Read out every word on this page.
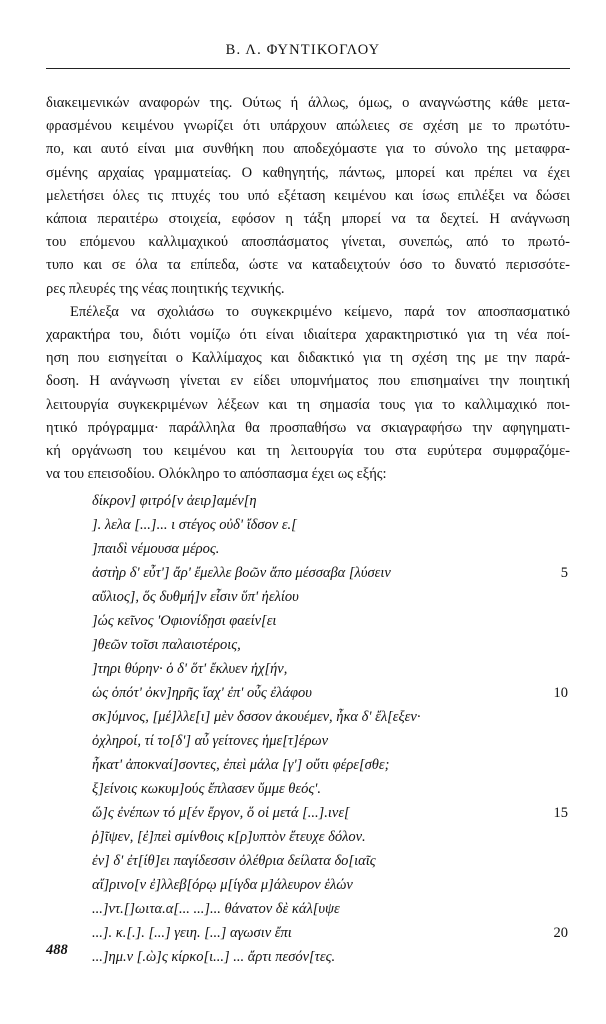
Β. Λ. ΦΥΝΤΙΚΟΓΛΟΥ
διακειμενικών αναφορών της. Ούτως ή άλλως, όμως, ο αναγνώστης κάθε μετα-
φρασμένου κειμένου γνωρίζει ότι υπάρχουν απώλειες σε σχέση με το πρωτότυ-
πο, και αυτό είναι μια συνθήκη που αποδεχόμαστε για το σύνολο της μεταφρα-
σμένης αρχαίας γραμματείας. Ο καθηγητής, πάντως, μπορεί και πρέπει να έχει
μελετήσει όλες τις πτυχές του υπό εξέταση κειμένου και ίσως επιλέξει να δώσει
κάποια περαιτέρω στοιχεία, εφόσον η τάξη μπορεί να τα δεχτεί. Η ανάγνωση
του επόμενου καλλιμαχικού αποσπάσματος γίνεται, συνεπώς, από το πρωτό-
τυπο και σε όλα τα επίπεδα, ώστε να καταδειχτούν όσο το δυνατό περισσότε-
ρες πλευρές της νέας ποιητικής τεχνικής.
Επέλεξα να σχολιάσω το συγκεκριμένο κείμενο, παρά τον αποσπασματικό
χαρακτήρα του, διότι νομίζω ότι είναι ιδιαίτερα χαρακτηριστικό για τη νέα ποί-
ηση που εισηγείται ο Καλλίμαχος και διδακτικό για τη σχέση της με την παρά-
δοση. Η ανάγνωση γίνεται εν είδει υπομνήματος που επισημαίνει την ποιητική
λειτουργία συγκεκριμένων λέξεων και τη σημασία τους για το καλλιμαχικό ποι-
ητικό πρόγραμμα· παράλληλα θα προσπαθήσω να σκιαγραφήσω την αφηγηματι-
κή οργάνωση του κειμένου και τη λειτουργία του στα ευρύτερα συμφραζόμε-
να του επεισοδίου. Ολόκληρο το απόσπασμα έχει ως εξής:
δίκρον] φιτρό[ν ἀειρ]αμέν[η
]. λελα [...]... ι στέγος οὐδ' ἴδσον ε.[
]παιδὶ νέμουσα μέρος.
ἀστὴρ δ' εὖτ'] ἄρ' ἔμελλε βοῶν ἄπο μέσσαβα [λύσειν	5
αὔλιος], ὅς δυθμή]ν εἶσιν ὕπ' ἠελίου
]ώς κεῖνος 'Οφιονίδῃσι φαείν[ει
]θεῶν τοῖσι παλαιοτέροις,
]τηρι θύρην· ὁ δ' ὅτ' ἔκλυεν ἠχ[ήν,
ὡς ὁπότ' ὀκν]ηρῆς ἴαχ' ἐπ' οὖς ἐλάφου	10
σκ]ύμνος, [μέ]λλε[ι] μὲν δσσον ἀκουέμεν, ἧκα δ' ἔλ[εξεν·
ὀχληροί, τί το[δ'] αὖ γείτονες ἡμε[τ]έρων
ἧκατ' ἀποκναί]σοντες, ἐπεὶ μάλα [γ'] οὔτι φέρε[σθε;
ξ]είνοις κωκυμ]ούς ἔπλασεν ὔμμε θεός'.
ὥ]ς ἐνέπων τό μ[έν ἔργον, ὅ οἱ μετά [...].ινε[	15
ῥ]ῖψεν, [ἐ]πεὶ σμίνθοις κ[ρ]υπτὸν ἔτευχε δόλον.
ἐν] δ' ἐτ[ίθ]ει παγίδεσσιν ὀλέθρια δείλατα δο[ιαῖς
αἴ]ρινο[ν ἐ]λλεβ[όρῳ μ[ίγδα μ]άλευρον ἑλών
...]ντ.[]ωιτα.α[... ...]... θάνατον δὲ κάλ[υψε
...]. κ.[.]. [...] γειη. [...] αγωσιν ἔπι	20
...]ημ.ν [.ὼ]ς κίρκο[ι...] ... ἄρτι πεσόν[τες.
488
